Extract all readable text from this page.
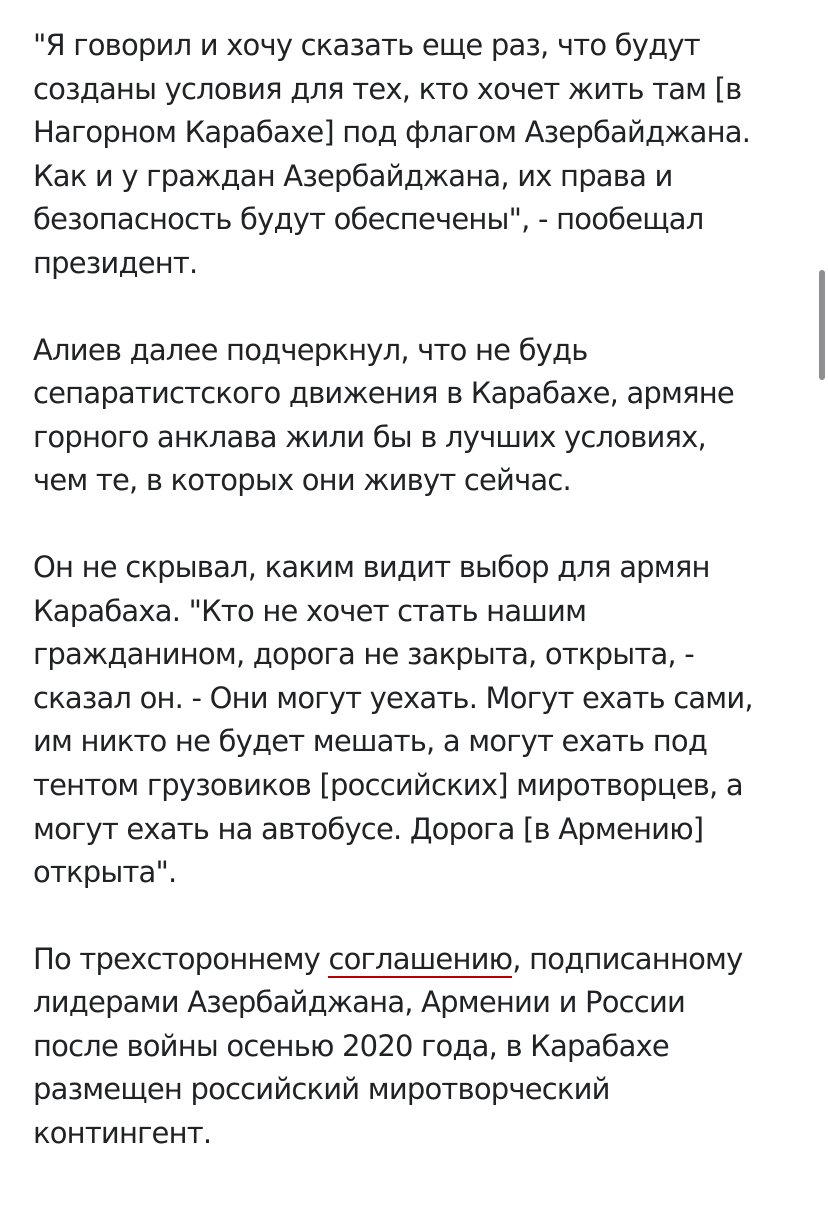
"Я говорил и хочу сказать еще раз, что будут
созданы условия для тех, кто хочет жить там [в
Нагорном Карабахе] под флагом Азербайджана.
Как и у граждан Азербайджана, их права и
безопасность будут обеспечены", - пообещал
президент.

Алиев далее подчеркнул, что не будь
сепаратистского движения в Карабахе, армяне
горного анклава жили бы в лучших условиях,
чем те, в которых они живут сейчас.

Он не скрывал, каким видит выбор для армян
Карабаха. "Кто не хочет стать нашим
гражданином, дорога не закрыта, открыта, -
сказал он. - Они могут уехать. Могут ехать сами,
им никто не будет мешать, а могут ехать под
тентом грузовиков [российских] миротворцев, а
могут ехать на автобусе. Дорога [в Армению]
открыта".

По трехстороннему соглашению, подписанному
лидерами Азербайджана, Армении и России
после войны осенью 2020 года, в Карабахе
размещен российский миротворческий
контингент.
